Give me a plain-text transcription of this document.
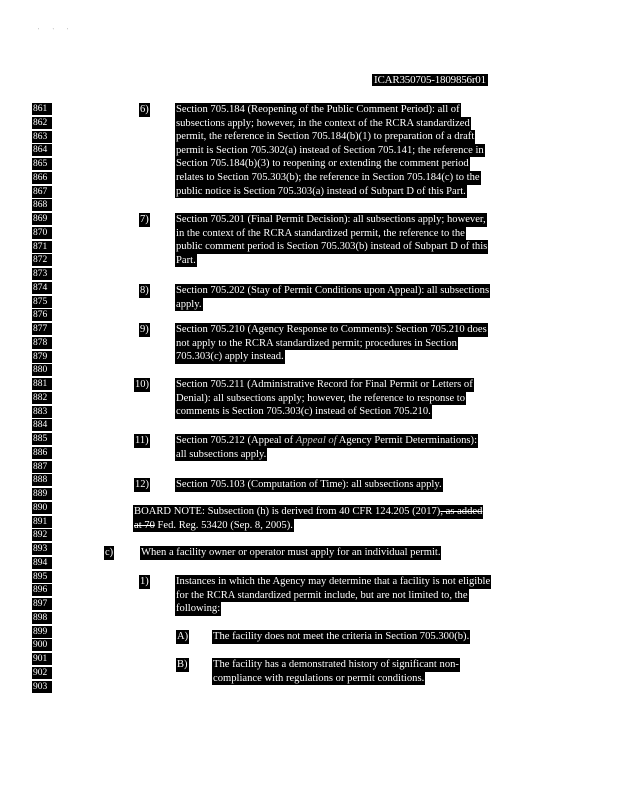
' ' '
ICAR350705-1809856r01
861
862
863
864
865
866
867
868
869
870
871
872
873
874
875
876
877
878
879
880
881
882
883
884
885
886
887
888
889
890
891
892
893
894
895
896
897
898
899
900
901
902
903
6)	Section 705.184 (Reopening of the Public Comment Period): all of
subsections apply; however, in the context of the RCRA standardized
permit, the reference in Section 705.184(b)(1) to preparation of a draft
permit is Section 705.302(a) instead of Section 705.141; the reference in
Section 705.184(b)(3) to reopening or extending the comment period
relates to Section 705.303(b); the reference in Section 705.184(c) to the
public notice is Section 705.303(a) instead of Subpart D of this Part.
7)	Section 705.201 (Final Permit Decision): all subsections apply; however,
in the context of the RCRA standardized permit, the reference to the
public comment period is Section 705.303(b) instead of Subpart D of this
Part.
8)	Section 705.202 (Stay of Permit Conditions upon Appeal): all subsections
apply.
9)	Section 705.210 (Agency Response to Comments): Section 705.210 does
not apply to the RCRA standardized permit; procedures in Section
705.303(c) apply instead.
10)	Section 705.211 (Administrative Record for Final Permit or Letters of
Denial): all subsections apply; however, the reference to response to
comments is Section 705.303(c) instead of Section 705.210.
11)	Section 705.212 (Appeal of Appeal of Agency Permit Determinations):
all subsections apply.
12)	Section 705.103 (Computation of Time): all subsections apply.
BOARD NOTE: Subsection (h) is derived from 40 CFR 124.205 (2017), as added
at 70 Fed. Reg. 53420 (Sep. 8, 2005).
c)	When a facility owner or operator must apply for an individual permit.
1)	Instances in which the Agency may determine that a facility is not eligible
for the RCRA standardized permit include, but are not limited to, the
following:
A) The facility does not meet the criteria in Section 705.300(b).
B) The facility has a demonstrated history of significant non-
compliance with regulations or permit conditions.
